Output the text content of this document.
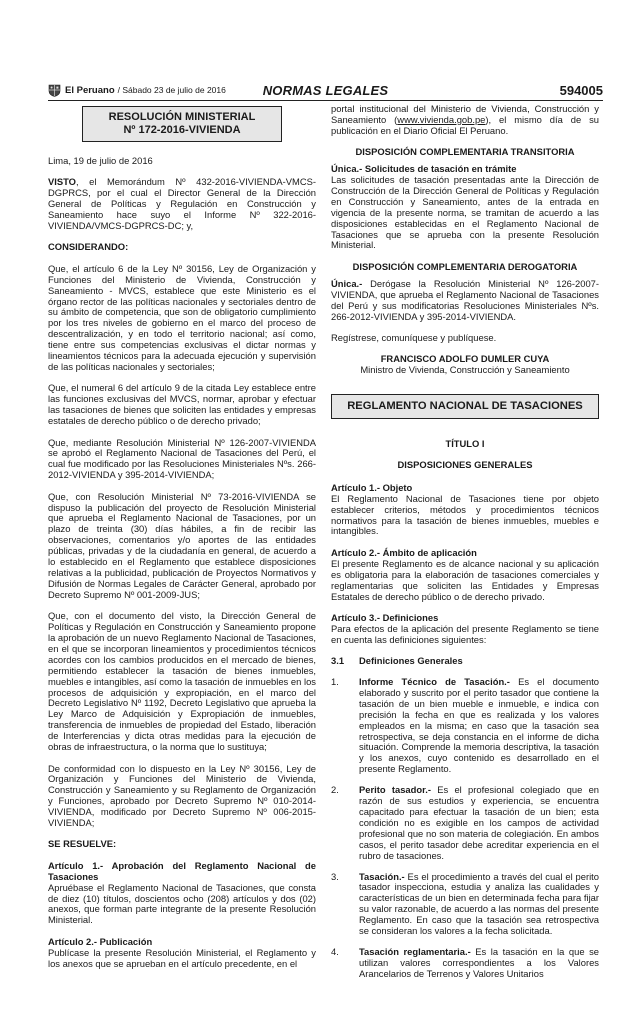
El Peruano / Sábado 23 de julio de 2016	NORMAS LEGALES	594005
RESOLUCIÓN MINISTERIAL
Nº 172-2016-VIVIENDA

Lima, 19 de julio de 2016

VISTO, el Memorándum Nº 432-2016-VIVIENDA-VMCS-DGPRCS, por el cual el Director General de la Dirección General de Políticas y Regulación en Construcción y Saneamiento hace suyo el Informe Nº 322-2016-VIVIENDA/VMCS-DGPRCS-DC; y,

CONSIDERANDO:

Que, el artículo 6 de la Ley Nº 30156, Ley de Organización y Funciones del Ministerio de Vivienda, Construcción y Saneamiento - MVCS, establece que este Ministerio es el órgano rector de las políticas nacionales y sectoriales dentro de su ámbito de competencia, que son de obligatorio cumplimiento por los tres niveles de gobierno en el marco del proceso de descentralización, y en todo el territorio nacional; así como, tiene entre sus competencias exclusivas el dictar normas y lineamientos técnicos para la adecuada ejecución y supervisión de las políticas nacionales y sectoriales;

Que, el numeral 6 del artículo 9 de la citada Ley establece entre las funciones exclusivas del MVCS, normar, aprobar y efectuar las tasaciones de bienes que soliciten las entidades y empresas estatales de derecho público o de derecho privado;

Que, mediante Resolución Ministerial Nº 126-2007-VIVIENDA se aprobó el Reglamento Nacional de Tasaciones del Perú, el cual fue modificado por las Resoluciones Ministeriales Nºs. 266-2012-VIVIENDA y 395-2014-VIVIENDA;

Que, con Resolución Ministerial Nº 73-2016-VIVIENDA se dispuso la publicación del proyecto de Resolución Ministerial que aprueba el Reglamento Nacional de Tasaciones, por un plazo de treinta (30) días hábiles, a fin de recibir las observaciones, comentarios y/o aportes de las entidades públicas, privadas y de la ciudadanía en general, de acuerdo a lo establecido en el Reglamento que establece disposiciones relativas a la publicidad, publicación de Proyectos Normativos y Difusión de Normas Legales de Carácter General, aprobado por Decreto Supremo Nº 001-2009-JUS;

Que, con el documento del visto, la Dirección General de Políticas y Regulación en Construcción y Saneamiento propone la aprobación de un nuevo Reglamento Nacional de Tasaciones, en el que se incorporan lineamientos y procedimientos técnicos acordes con los cambios producidos en el mercado de bienes, permitiendo establecer la tasación de bienes inmuebles, muebles e intangibles, así como la tasación de inmuebles en los procesos de adquisición y expropiación, en el marco del Decreto Legislativo Nº 1192, Decreto Legislativo que aprueba la Ley Marco de Adquisición y Expropiación de inmuebles, transferencia de inmuebles de propiedad del Estado, liberación de Interferencias y dicta otras medidas para la ejecución de obras de infraestructura, o la norma que lo sustituya;

De conformidad con lo dispuesto en la Ley Nº 30156, Ley de Organización y Funciones del Ministerio de Vivienda, Construcción y Saneamiento y su Reglamento de Organización y Funciones, aprobado por Decreto Supremo Nº 010-2014-VIVIENDA, modificado por Decreto Supremo Nº 006-2015-VIVIENDA;

SE RESUELVE:

Artículo 1.- Aprobación del Reglamento Nacional de Tasaciones
Apruébase el Reglamento Nacional de Tasaciones, que consta de diez (10) títulos, doscientos ocho (208) artículos y dos (02) anexos, que forman parte integrante de la presente Resolución Ministerial.

Artículo 2.- Publicación
Publícase la presente Resolución Ministerial, el Reglamento y los anexos que se aprueban en el artículo precedente, en el

portal institucional del Ministerio de Vivienda, Construcción y Saneamiento (www.vivienda.gob.pe), el mismo día de su publicación en el Diario Oficial El Peruano.

DISPOSICIÓN COMPLEMENTARIA TRANSITORIA

Única.- Solicitudes de tasación en trámite
Las solicitudes de tasación presentadas ante la Dirección de Construcción de la Dirección General de Políticas y Regulación en Construcción y Saneamiento, antes de la entrada en vigencia de la presente norma, se tramitan de acuerdo a las disposiciones establecidas en el Reglamento Nacional de Tasaciones que se aprueba con la presente Resolución Ministerial.

DISPOSICIÓN COMPLEMENTARIA DEROGATORIA

Única.- Derógase la Resolución Ministerial Nº 126-2007-VIVIENDA, que aprueba el Reglamento Nacional de Tasaciones del Perú y sus modificatorias Resoluciones Ministeriales Nºs. 266-2012-VIVIENDA y 395-2014-VIVIENDA.

Regístrese, comuníquese y publíquese.

FRANCISCO ADOLFO DUMLER CUYA

Ministro de Vivienda, Construcción y Saneamiento

REGLAMENTO NACIONAL DE TASACIONES

TÍTULO I

DISPOSICIONES GENERALES

Artículo 1.- Objeto
El Reglamento Nacional de Tasaciones tiene por objeto establecer criterios, métodos y procedimientos técnicos normativos para la tasación de bienes inmuebles, muebles e intangibles.

Artículo 2.- Ámbito de aplicación
El presente Reglamento es de alcance nacional y su aplicación es obligatoria para la elaboración de tasaciones comerciales y reglamentarias que soliciten las Entidades y Empresas Estatales de derecho público o de derecho privado.

Artículo 3.- Definiciones
Para efectos de la aplicación del presente Reglamento se tiene en cuenta las definiciones siguientes:

3.1	Definiciones Generales
1.	Informe Técnico de Tasación.- Es el documento elaborado y suscrito por el perito tasador que contiene la tasación de un bien mueble e inmueble, e indica con precisión la fecha en que es realizada y los valores empleados en la misma; en caso que la tasación sea retrospectiva, se deja constancia en el informe de dicha situación. Comprende la memoria descriptiva, la tasación y los anexos, cuyo contenido es desarrollado en el presente Reglamento.
2.	Perito tasador.- Es el profesional colegiado que en razón de sus estudios y experiencia, se encuentra capacitado para efectuar la tasación de un bien; esta condición no es exigible en los campos de actividad profesional que no son materia de colegiación. En ambos casos, el perito tasador debe acreditar experiencia en el rubro de tasaciones.
3.	Tasación.- Es el procedimiento a través del cual el perito tasador inspecciona, estudia y analiza las cualidades y características de un bien en determinada fecha para fijar su valor razonable, de acuerdo a las normas del presente Reglamento. En caso que la tasación sea retrospectiva se consideran los valores a la fecha solicitada.
4.	Tasación reglamentaria.- Es la tasación en la que se utilizan valores correspondientes a los Valores Arancelarios de Terrenos y Valores Unitarios
